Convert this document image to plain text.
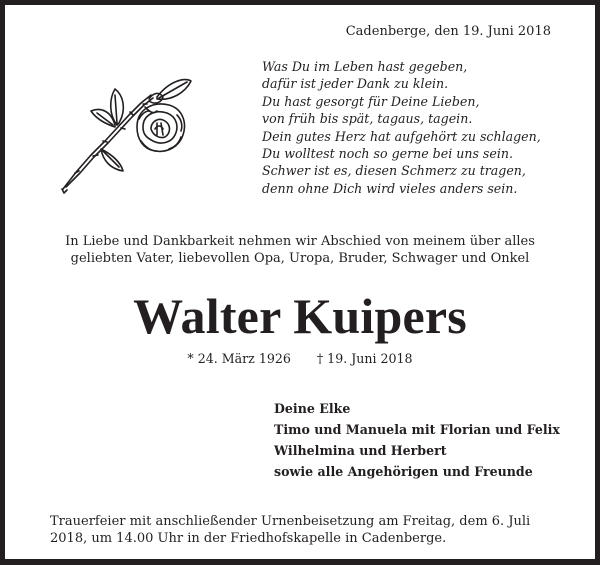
Cadenberge, den 19. Juni 2018
Was Du im Leben hast gegeben,
dafür ist jeder Dank zu klein.
Du hast gesorgt für Deine Lieben,
von früh bis spät, tagaus, tagein.
Dein gutes Herz hat aufgehört zu schlagen,
Du wolltest noch so gerne bei uns sein.
Schwer ist es, diesen Schmerz zu tragen,
denn ohne Dich wird vieles anders sein.
In Liebe und Dankbarkeit nehmen wir Abschied von meinem über alles
geliebten Vater, liebevollen Opa, Uropa, Bruder, Schwager und Onkel
Walter Kuipers
* 24. März 1926 † 19. Juni 2018
Deine Elke
Timo und Manuela mit Florian und Felix
Wilhelmina und Herbert
sowie alle Angehörigen und Freunde
Trauerfeier mit anschließender Urnenbeisetzung am Freitag, dem 6. Juli
2018, um 14.00 Uhr in der Friedhofskapelle in Cadenberge.
